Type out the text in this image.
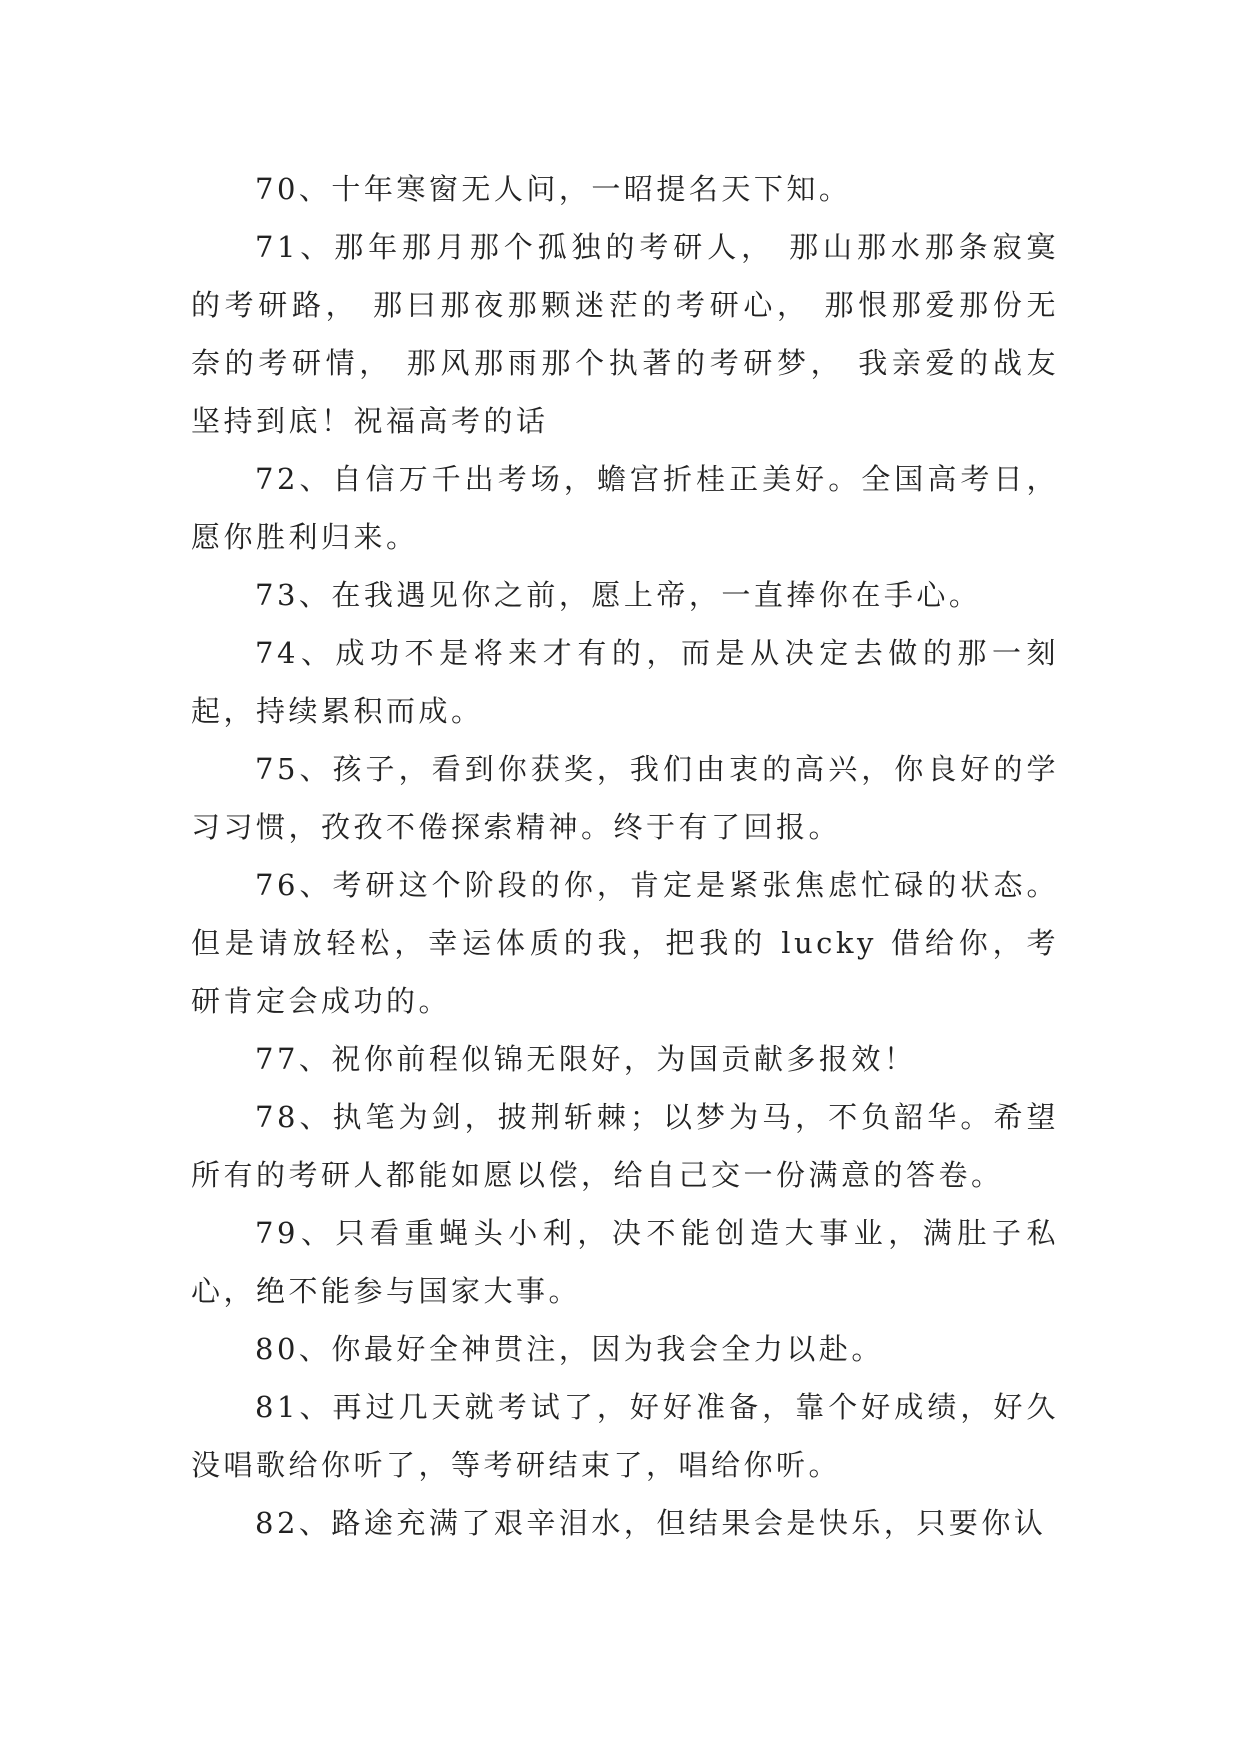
70、十年寒窗无人问，一昭提名天下知。

71、那年那月那个孤独的考研人， 那山那水那条寂寞的考研路， 那曰那夜那颗迷茫的考研心， 那恨那爱那份无奈的考研情， 那风那雨那个执著的考研梦， 我亲爱的战友坚持到底！祝福高考的话

72、自信万千出考场，蟾宫折桂正美好。全国高考日，愿你胜利归来。

73、在我遇见你之前，愿上帝，一直捧你在手心。

74、成功不是将来才有的，而是从决定去做的那一刻起，持续累积而成。

75、孩子，看到你获奖，我们由衷的高兴，你良好的学习习惯，孜孜不倦探索精神。终于有了回报。

76、考研这个阶段的你，肯定是紧张焦虑忙碌的状态。但是请放轻松，幸运体质的我，把我的 lucky 借给你，考研肯定会成功的。

77、祝你前程似锦无限好，为国贡献多报效！

78、执笔为剑，披荆斩棘；以梦为马，不负韶华。希望所有的考研人都能如愿以偿，给自己交一份满意的答卷。

79、只看重蝇头小利，决不能创造大事业，满肚子私心，绝不能参与国家大事。

80、你最好全神贯注，因为我会全力以赴。

81、再过几天就考试了，好好准备，靠个好成绩，好久没唱歌给你听了，等考研结束了，唱给你听。

82、路途充满了艰辛泪水，但结果会是快乐，只要你认
